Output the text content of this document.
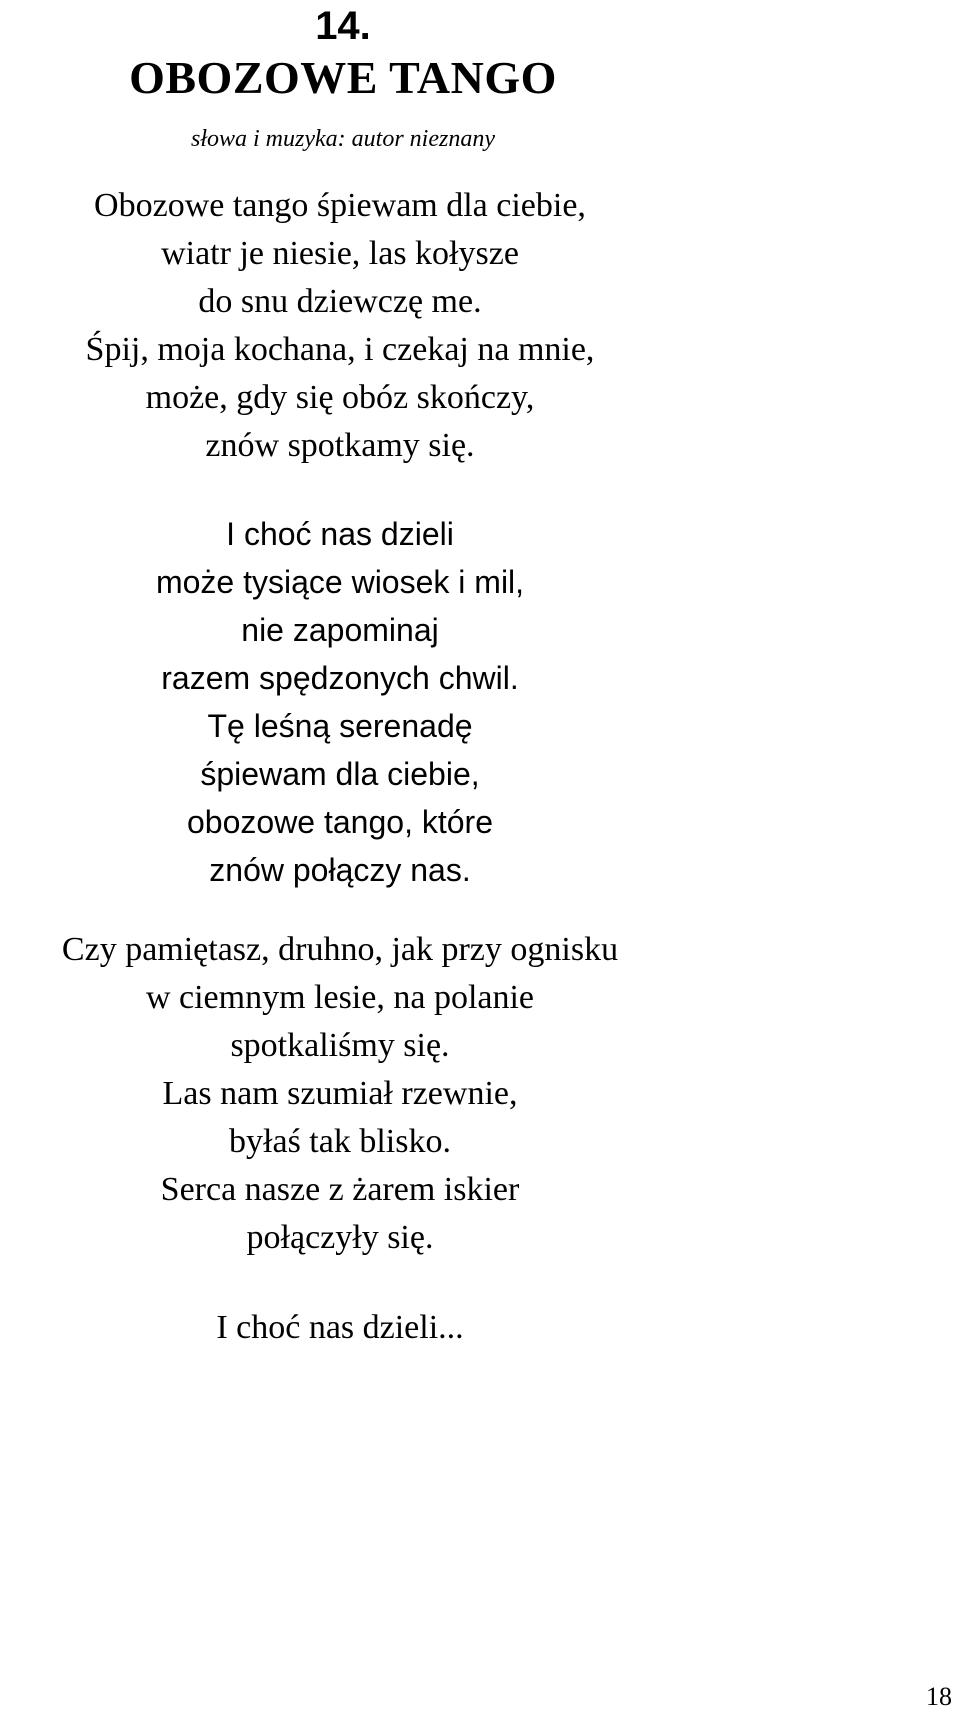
14.
OBOZOWE TANGO

słowa i muzyka: autor nieznany

Obozowe tango śpiewam dla ciebie,
wiatr je niesie, las kołysze
do snu dziewczę me.
Śpij, moja kochana, i czekaj na mnie,
może, gdy się obóz skończy,
znów spotkamy się.
I choć nas dzieli
może tysiące wiosek i mil,
nie zapominaj
razem spędzonych chwil.
Tę leśną serenadę
śpiewam dla ciebie,
obozowe tango, które
znów połączy nas.
Czy pamiętasz, druhno, jak przy ognisku
w ciemnym lesie, na polanie
spotkaliśmy się.
Las nam szumiał rzewnie,
byłaś tak blisko.
Serca nasze z żarem iskier
połączyły się.
I choć nas dzieli...
18
